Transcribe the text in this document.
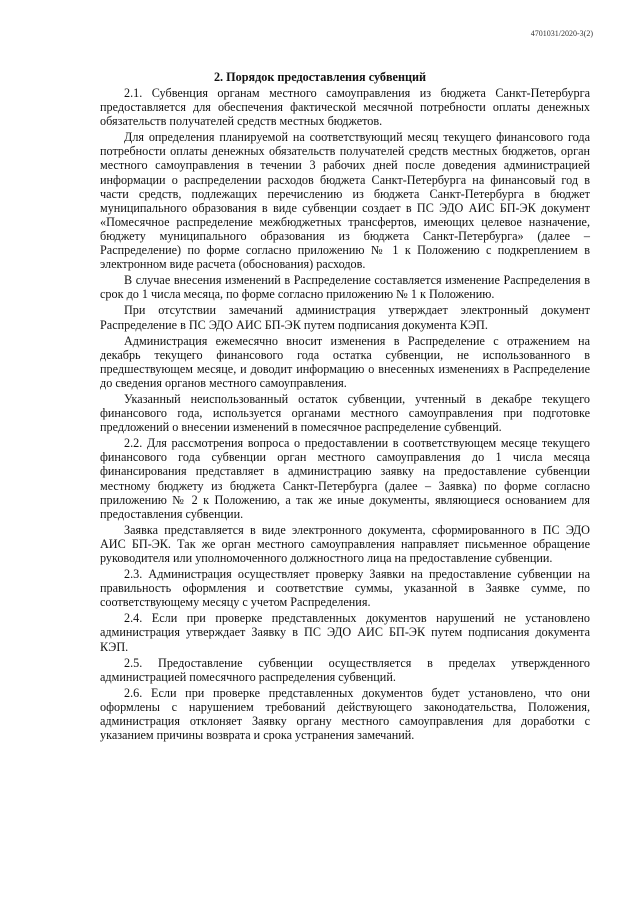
4701031/2020-3(2)
2. Порядок предоставления субвенций

2.1. Субвенция органам местного самоуправления из бюджета Санкт-Петербурга предоставляется для обеспечения фактической месячной потребности оплаты денежных обязательств получателей средств местных бюджетов.

Для определения планируемой на соответствующий месяц текущего финансового года потребности оплаты денежных обязательств получателей средств местных бюджетов, орган местного самоуправления в течении 3 рабочих дней после доведения администрацией информации о распределении расходов бюджета Санкт-Петербурга на финансовый год в части средств, подлежащих перечислению из бюджета Санкт-Петербурга в бюджет муниципального образования в виде субвенции создает в ПС ЭДО АИС БП-ЭК документ «Помесячное распределение межбюджетных трансфертов, имеющих целевое назначение, бюджету муниципального образования из бюджета Санкт-Петербурга» (далее – Распределение) по форме согласно приложению № 1 к Положению с подкреплением в электронном виде расчета (обоснования) расходов.

В случае внесения изменений в Распределение составляется изменение Распределения в срок до 1 числа месяца, по форме согласно приложению № 1 к Положению.

При отсутствии замечаний администрация утверждает электронный документ Распределение в ПС ЭДО АИС БП-ЭК путем подписания документа КЭП.

Администрация ежемесячно вносит изменения в Распределение с отражением на декабрь текущего финансового года остатка субвенции, не использованного в предшествующем месяце, и доводит информацию о внесенных изменениях в Распределение до сведения органов местного самоуправления.

Указанный неиспользованный остаток субвенции, учтенный в декабре текущего финансового года, используется органами местного самоуправления при подготовке предложений о внесении изменений в помесячное распределение субвенций.

2.2. Для рассмотрения вопроса о предоставлении в соответствующем месяце текущего финансового года субвенции орган местного самоуправления до 1 числа месяца финансирования представляет в администрацию заявку на предоставление субвенции местному бюджету из бюджета Санкт-Петербурга (далее – Заявка) по форме согласно приложению № 2 к Положению, а так же иные документы, являющиеся основанием для предоставления субвенции.

Заявка представляется в виде электронного документа, сформированного в ПС ЭДО АИС БП-ЭК. Так же орган местного самоуправления направляет письменное обращение руководителя или уполномоченного должностного лица на предоставление субвенции.

2.3. Администрация осуществляет проверку Заявки на предоставление субвенции на правильность оформления и соответствие суммы, указанной в Заявке сумме, по соответствующему месяцу с учетом Распределения.

2.4. Если при проверке представленных документов нарушений не установлено администрация утверждает Заявку в ПС ЭДО АИС БП-ЭК путем подписания документа КЭП.

2.5. Предоставление субвенции осуществляется в пределах утвержденного администрацией помесячного распределения субвенций.

2.6. Если при проверке представленных документов будет установлено, что они оформлены с нарушением требований действующего законодательства, Положения, администрация отклоняет Заявку органу местного самоуправления для доработки с указанием причины возврата и срока устранения замечаний.
